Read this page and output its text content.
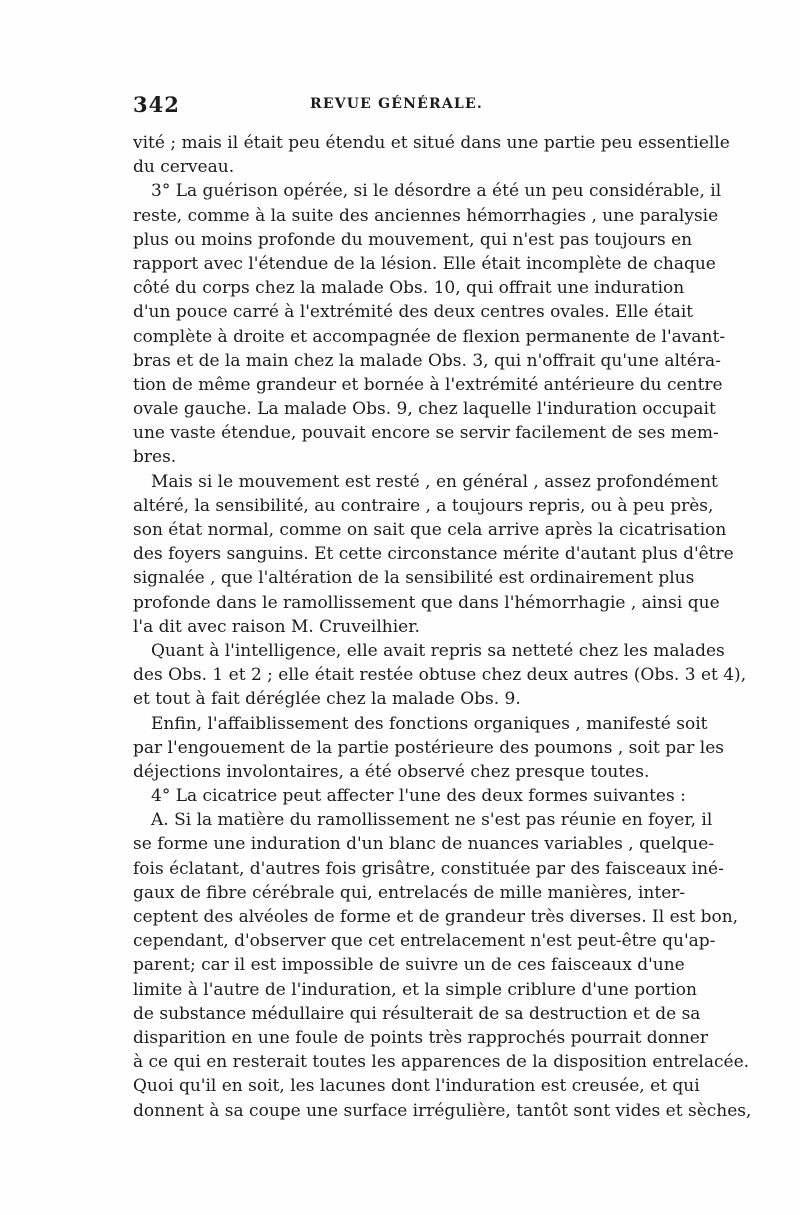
342	REVUE GÉNÉRALE.
vité ; mais il était peu étendu et situé dans une partie peu essentielle
du cerveau.
3° La guérison opérée, si le désordre a été un peu considérable, il
reste, comme à la suite des anciennes hémorrhagies , une paralysie
plus ou moins profonde du mouvement, qui n'est pas toujours en
rapport avec l'étendue de la lésion. Elle était incomplète de chaque
côté du corps chez la malade Obs. 10, qui offrait une induration
d'un pouce carré à l'extrémité des deux centres ovales. Elle était
complète à droite et accompagnée de flexion permanente de l'avant-
bras et de la main chez la malade Obs. 3, qui n'offrait qu'une altéra-
tion de même grandeur et bornée à l'extrémité antérieure du centre
ovale gauche. La malade Obs. 9, chez laquelle l'induration occupait
une vaste étendue, pouvait encore se servir facilement de ses mem-
bres.
Mais si le mouvement est resté , en général , assez profondément
altéré, la sensibilité, au contraire , a toujours repris, ou à peu près,
son état normal, comme on sait que cela arrive après la cicatrisation
des foyers sanguins. Et cette circonstance mérite d'autant plus d'être
signalée , que l'altération de la sensibilité est ordinairement plus
profonde dans le ramollissement que dans l'hémorrhagie , ainsi que
l'a dit avec raison M. Cruveilhier.
Quant à l'intelligence, elle avait repris sa netteté chez les malades
des Obs. 1 et 2 ; elle était restée obtuse chez deux autres (Obs. 3 et 4),
et tout à fait déréglée chez la malade Obs. 9.
Enfin, l'affaiblissement des fonctions organiques , manifesté soit
par l'engouement de la partie postérieure des poumons , soit par les
déjections involontaires, a été observé chez presque toutes.
4° La cicatrice peut affecter l'une des deux formes suivantes :
A. Si la matière du ramollissement ne s'est pas réunie en foyer, il
se forme une induration d'un blanc de nuances variables , quelque-
fois éclatant, d'autres fois grisâtre, constituée par des faisceaux iné-
gaux de fibre cérébrale qui, entrelacés de mille manières, inter-
ceptent des alvéoles de forme et de grandeur très diverses. Il est bon,
cependant, d'observer que cet entrelacement n'est peut-être qu'ap-
parent; car il est impossible de suivre un de ces faisceaux d'une
limite à l'autre de l'induration, et la simple criblure d'une portion
de substance médullaire qui résulterait de sa destruction et de sa
disparition en une foule de points très rapprochés pourrait donner
à ce qui en resterait toutes les apparences de la disposition entrelacée.
Quoi qu'il en soit, les lacunes dont l'induration est creusée, et qui
donnent à sa coupe une surface irrégulière, tantôt sont vides et sèches,
